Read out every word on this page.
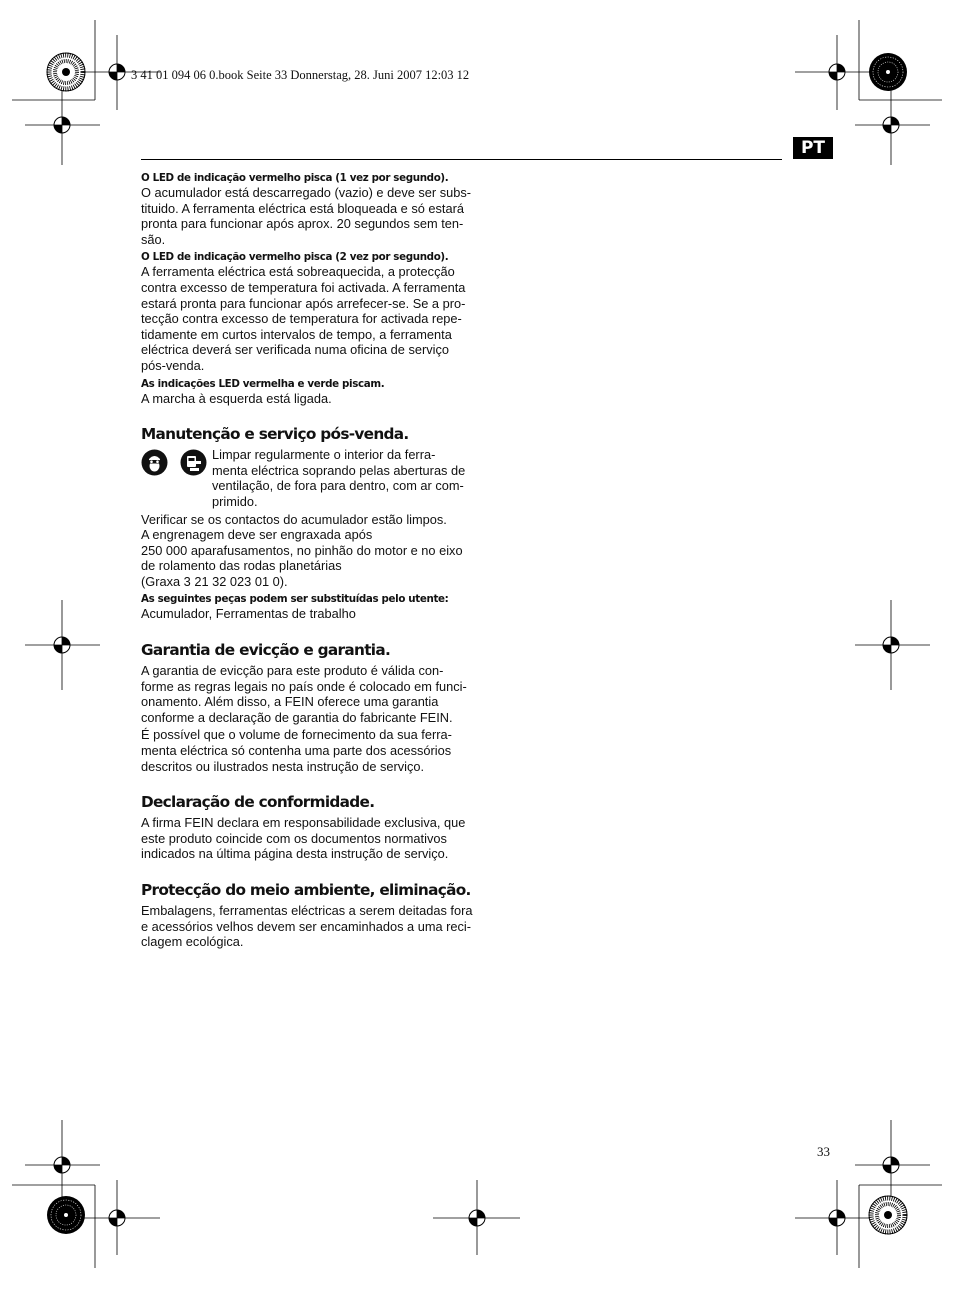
3 41 01 094 06 0.book Seite 33 Donnerstag, 28. Juni 2007 12:03 12
PT

O LED de indicação vermelho pisca (1 vez por segundo).

O acumulador está descarregado (vazio) e deve ser subs-

tituido. A ferramenta eléctrica está bloqueada e só estará

pronta para funcionar após aprox. 20 segundos sem ten-

são.

O LED de indicação vermelho pisca (2 vez por segundo).

A ferramenta eléctrica está sobreaquecida, a protecção

contra excesso de temperatura foi activada. A ferramenta

estará pronta para funcionar após arrefecer-se. Se a pro-

tecção contra excesso de temperatura for activada repe-

tidamente em curtos intervalos de tempo, a ferramenta

eléctrica deverá ser verificada numa oficina de serviço

pós-venda.

As indicações LED vermelha e verde piscam.

A marcha à esquerda está ligada.

Manutenção e serviço pós-venda.

Limpar regularmente o interior da ferra-

menta eléctrica soprando pelas aberturas de

ventilação, de fora para dentro, com ar com-

primido.

Verificar se os contactos do acumulador estão limpos.

A engrenagem deve ser engraxada após

250 000 aparafusamentos, no pinhão do motor e no eixo

de rolamento das rodas planetárias

(Graxa 3 21 32 023 01 0).

As seguintes peças podem ser substituídas pelo utente:

Acumulador, Ferramentas de trabalho

Garantia de evicção e garantia.

A garantia de evicção para este produto é válida con-

forme as regras legais no país onde é colocado em funci-

onamento. Além disso, a FEIN oferece uma garantia

conforme a declaração de garantia do fabricante FEIN.

É possível que o volume de fornecimento da sua ferra-

menta eléctrica só contenha uma parte dos acessórios

descritos ou ilustrados nesta instrução de serviço.

Declaração de conformidade.

A firma FEIN declara em responsabilidade exclusiva, que

este produto coincide com os documentos normativos

indicados na última página desta instrução de serviço.

Protecção do meio ambiente, eliminação.

Embalagens, ferramentas eléctricas a serem deitadas fora

e acessórios velhos devem ser encaminhados a uma reci-

clagem ecológica.

33
